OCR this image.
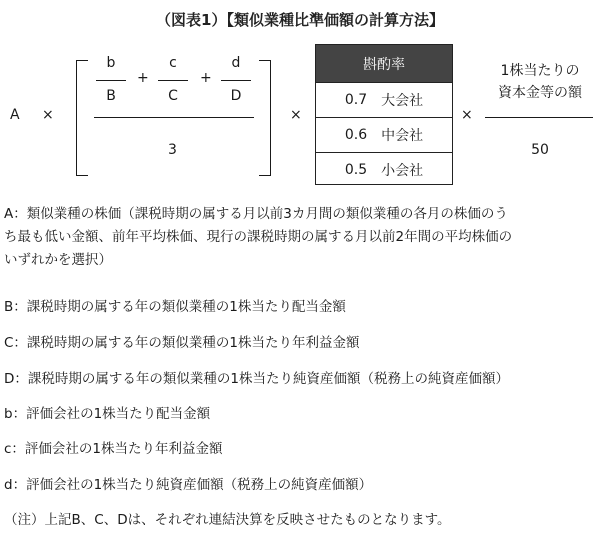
（図表1）【類似業種比準価額の計算方法】
A ×
b
B
+
c
C
+
d
D
3
×
斟酌率
0.7 大会社
0.6 中会社
0.5 小会社
×
1株当たりの
資本金等の額
50
A：類似業種の株価（課税時期の属する月以前3カ月間の類似業種の各月の株価のう
ち最も低い金額、前年平均株価、現行の課税時期の属する月以前2年間の平均株価の
いずれかを選択）
B：課税時期の属する年の類似業種の1株当たり配当金額
C：課税時期の属する年の類似業種の1株当たり年利益金額
D：課税時期の属する年の類似業種の1株当たり純資産価額（税務上の純資産価額）
b：評価会社の1株当たり配当金額
c：評価会社の1株当たり年利益金額
d：評価会社の1株当たり純資産価額（税務上の純資産価額）
（注）上記B、C、Dは、それぞれ連結決算を反映させたものとなります。
